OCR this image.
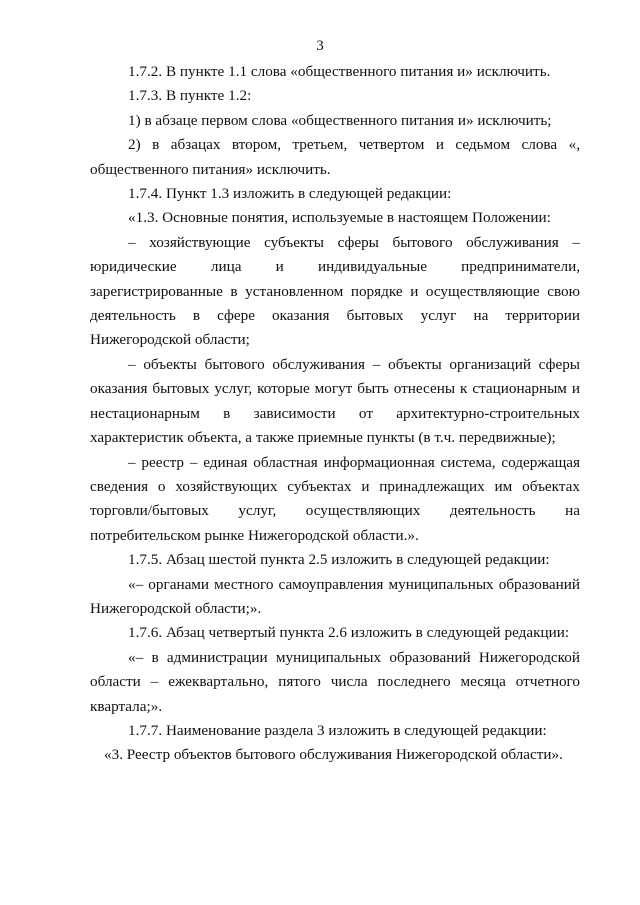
3

1.7.2. В пункте 1.1 слова «общественного питания и» исключить.

1.7.3. В пункте 1.2:

1) в абзаце первом слова «общественного питания и» исключить;

2) в абзацах втором, третьем, четвертом и седьмом слова «, общественного питания» исключить.

1.7.4. Пункт 1.3 изложить в следующей редакции:

«1.3. Основные понятия, используемые в настоящем Положении:

– хозяйствующие субъекты сферы бытового обслуживания – юридические лица и индивидуальные предприниматели, зарегистрированные в установленном порядке и осуществляющие свою деятельность в сфере оказания бытовых услуг на территории Нижегородской области;

– объекты бытового обслуживания – объекты организаций сферы оказания бытовых услуг, которые могут быть отнесены к стационарным и нестационарным в зависимости от архитектурно-строительных характеристик объекта, а также приемные пункты (в т.ч. передвижные);

– реестр – единая областная информационная система, содержащая сведения о хозяйствующих субъектах и принадлежащих им объектах торговли/бытовых услуг, осуществляющих деятельность на потребительском рынке Нижегородской области.».

1.7.5. Абзац шестой пункта 2.5 изложить в следующей редакции:

«– органами местного самоуправления муниципальных образований Нижегородской области;».

1.7.6. Абзац четвертый пункта 2.6 изложить в следующей редакции:

«– в администрации муниципальных образований Нижегородской области – ежеквартально, пятого числа последнего месяца отчетного квартала;».

1.7.7. Наименование раздела 3 изложить в следующей редакции:

«3. Реестр объектов бытового обслуживания Нижегородской области».
